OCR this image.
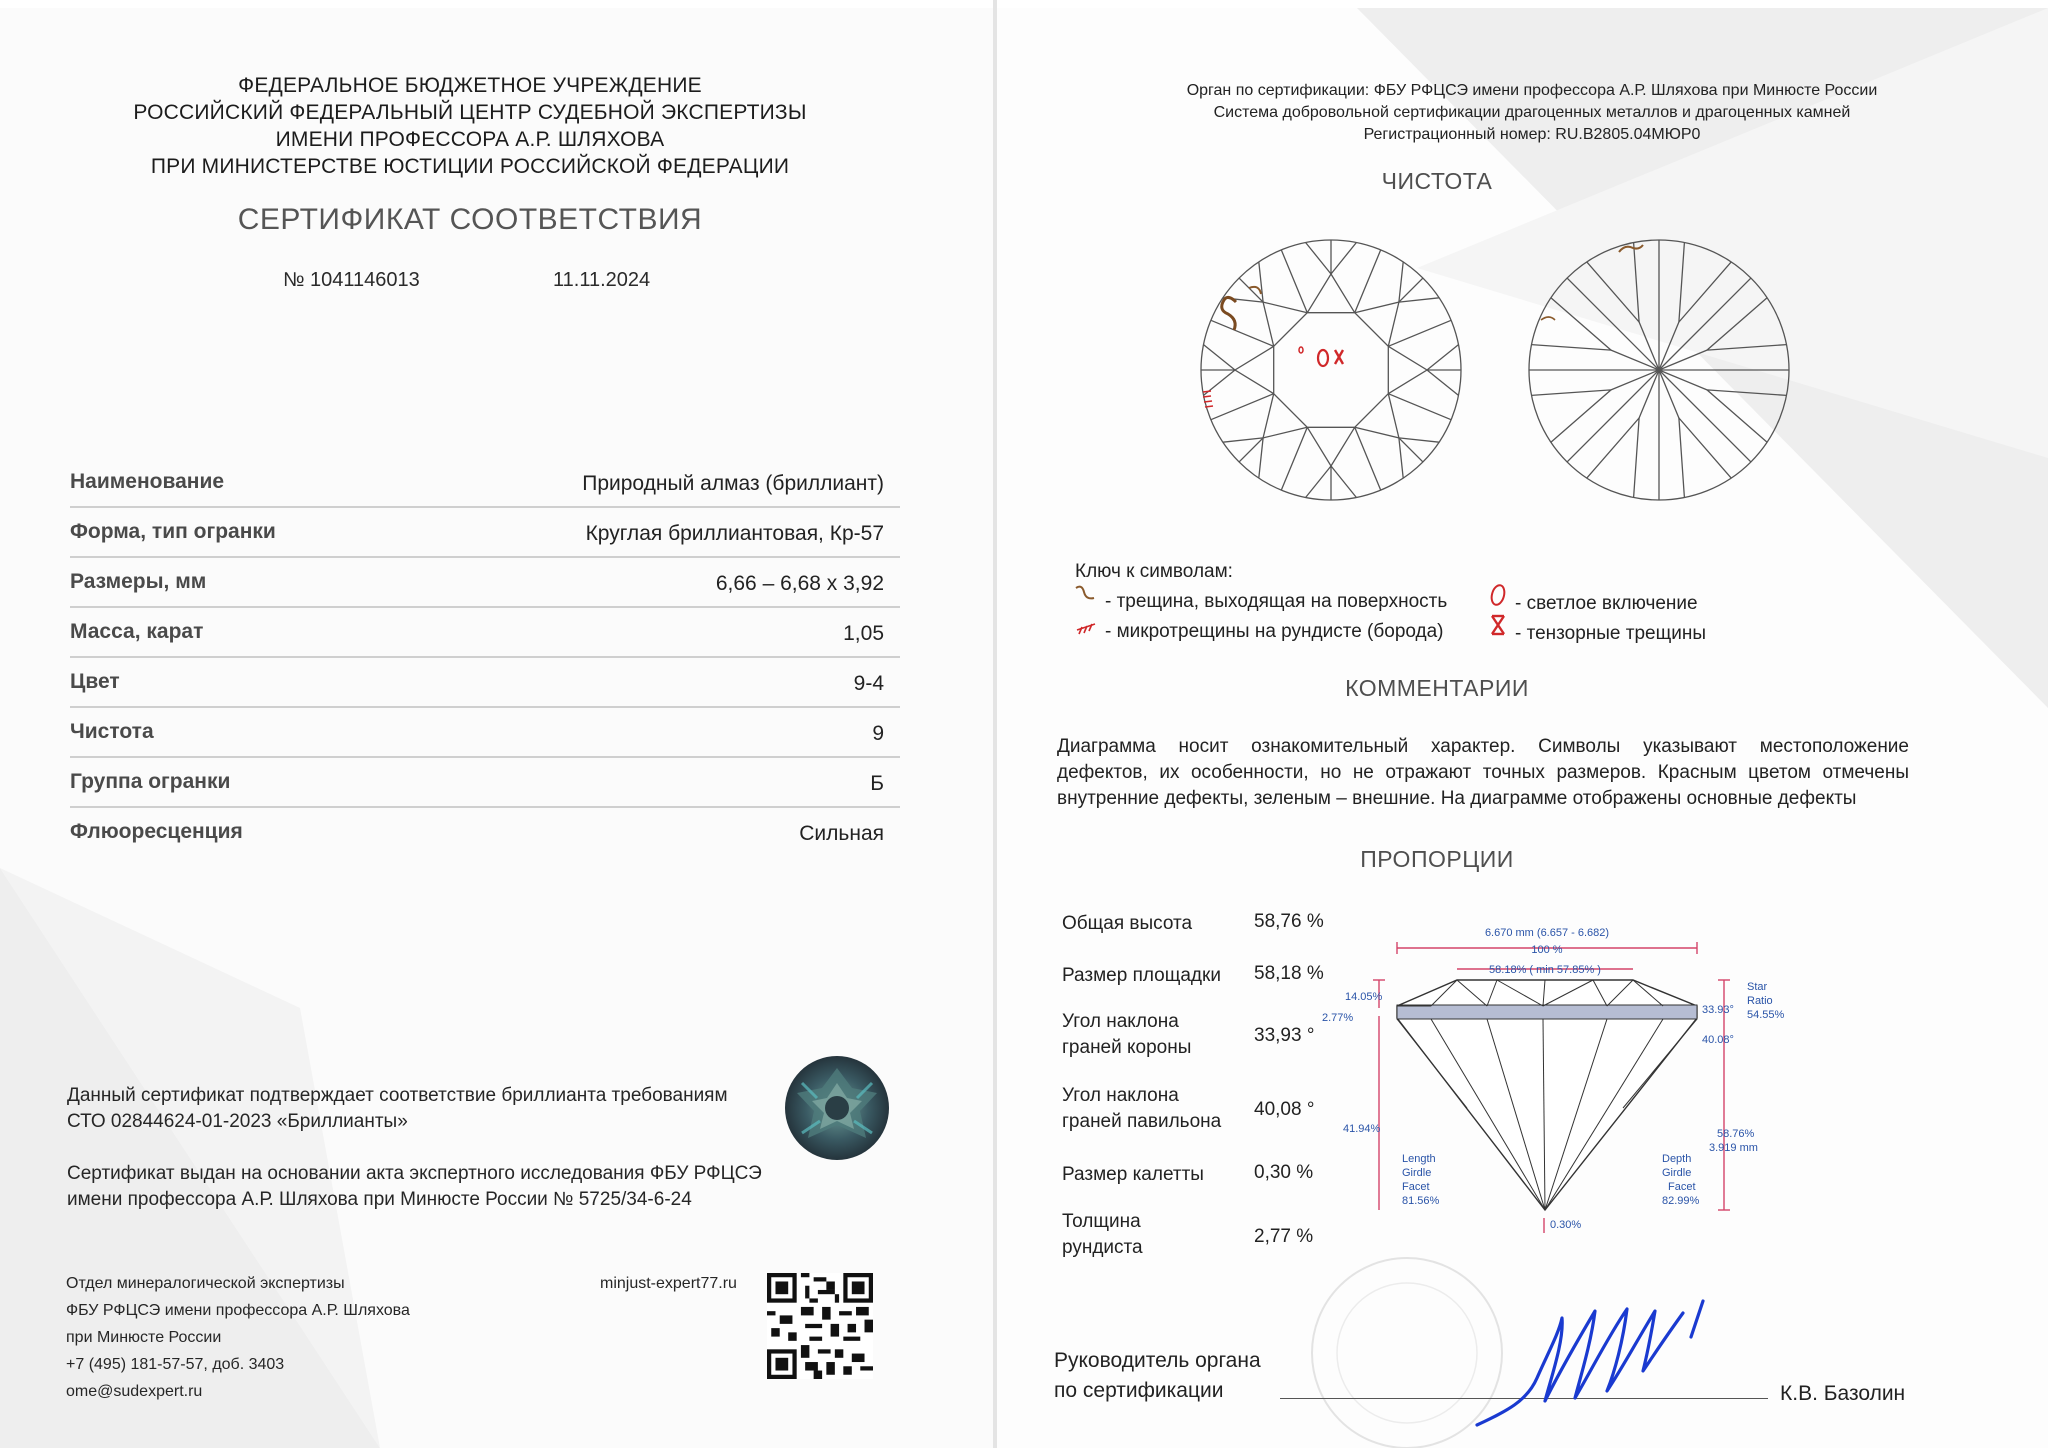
ФЕДЕРАЛЬНОЕ БЮДЖЕТНОЕ УЧРЕЖДЕНИЕ
РОССИЙСКИЙ ФЕДЕРАЛЬНЫЙ ЦЕНТР СУДЕБНОЙ ЭКСПЕРТИЗЫ
ИМЕНИ ПРОФЕССОРА А.Р. ШЛЯХОВА
ПРИ МИНИСТЕРСТВЕ ЮСТИЦИИ РОССИЙСКОЙ ФЕДЕРАЦИИ
СЕРТИФИКАТ СООТВЕТСТВИЯ
№ 1041146013	11.11.2024
Наименование	Природный алмаз (бриллиант)
Форма, тип огранки	Круглая бриллиантовая, Кр-57
Размеры, мм	6,66 – 6,68 x 3,92
Масса, карат	1,05
Цвет	9-4
Чистота	9
Группа огранки	Б
Флюоресценция	Сильная
Данный сертификат подтверждает соответствие бриллианта требованиям
СТО 02844624-01-2023 «Бриллианты»
Сертификат выдан на основании акта экспертного исследования ФБУ РФЦСЭ
имени профессора А.Р. Шляхова при Минюсте России № 5725/34-6-24
Отдел минералогической экспертизы
ФБУ РФЦСЭ имени профессора А.Р. Шляхова
при Минюсте России
+7 (495) 181-57-57, доб. 3403
ome@sudexpert.ru
minjust-expert77.ru
Орган по сертификации: ФБУ РФЦСЭ имени профессора А.Р. Шляхова при Минюсте России
Система добровольной сертификации драгоценных металлов и драгоценных камней
Регистрационный номер: RU.B2805.04МЮР0
ЧИСТОТА
Ключ к символам:
- трещина, выходящая на поверхность
- микротрещины на рундисте (борода)
- светлое включение
- тензорные трещины
КОММЕНТАРИИ
Диаграмма носит ознакомительный характер. Символы указывают местоположение
дефектов, их особенности, но не отражают точных размеров. Красным цветом отмечены
внутренние дефекты, зеленым – внешние. На диаграмме отображены основные дефекты
ПРОПОРЦИИ
Общая высота	58,76 %
Размер площадки 58,18 %
Угол наклона
граней короны
33,93 °
Угол наклона
граней павильона
40,08 °
Размер калетты	0,30 %
Толщина
рундиста
2,77 %
6.670 mm (6.657 - 6.682)
100 %
58.18% ( min 57.85% )
14.05%
2.77%
41.94%
Star
Ratio
54.55%
33.93°
40.08°
58.76%
3.919 mm
0.30%
Length
Girdle
Facet
81.56%
Depth
Girdle
Facet
82.99%
Руководитель органа
по сертификации	К.В. Базолин
